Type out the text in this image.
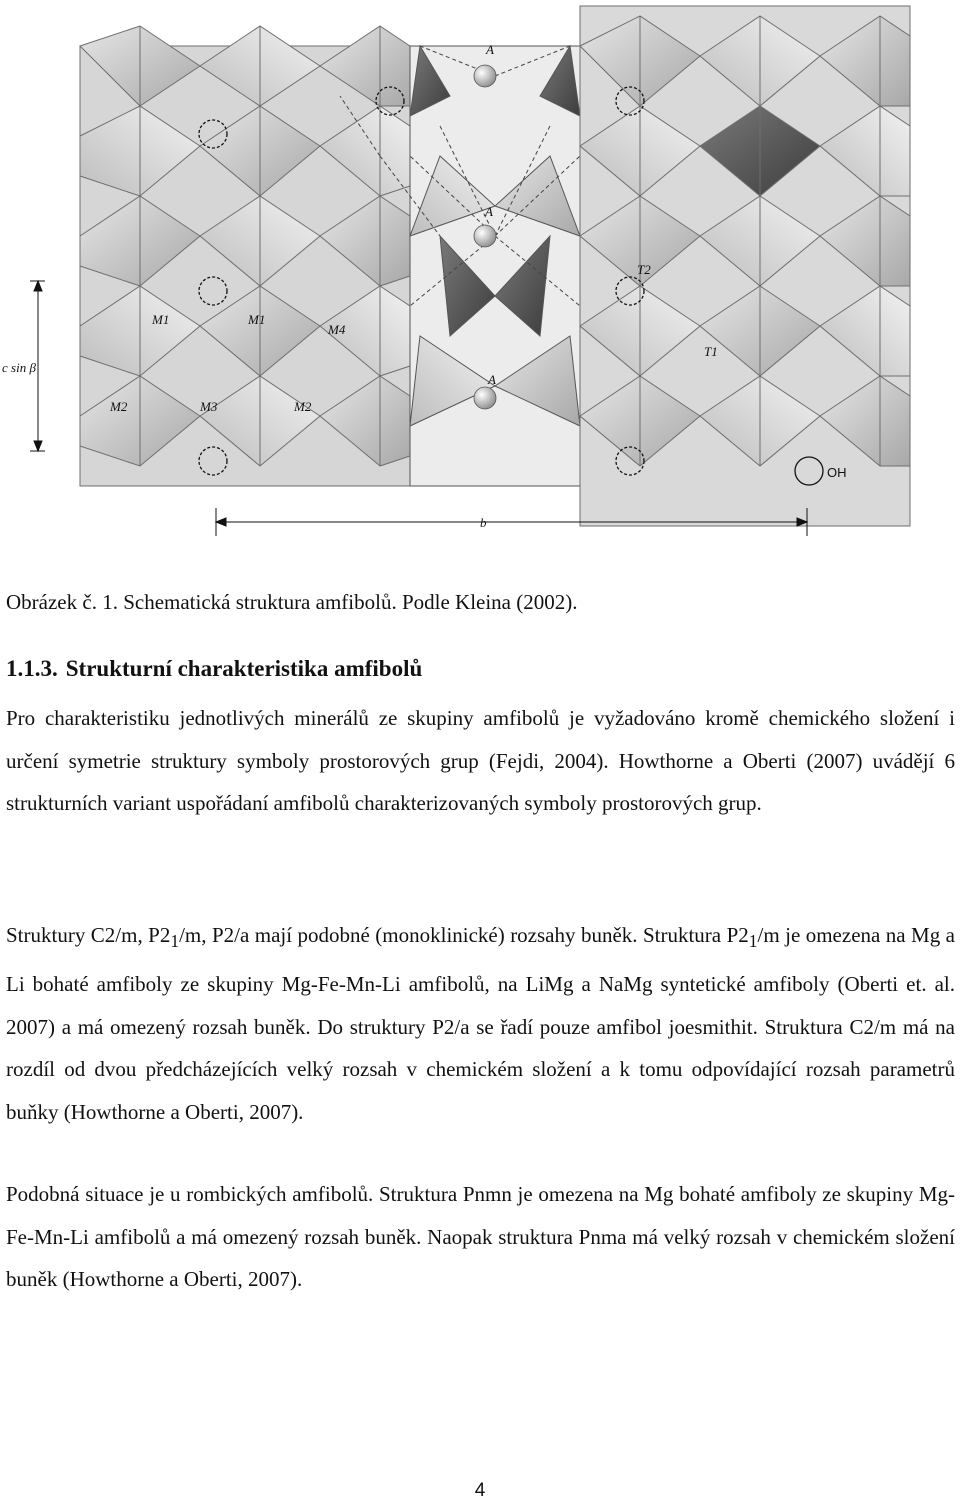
A
A
A
M1	M1
M4
M2	M3	M2
T2
T1
OH
c sin β
b
Obrázek č. 1. Schematická struktura amfibolů. Podle Kleina (2002).
1.1.3. Strukturní charakteristika amfibolů

Pro charakteristiku jednotlivých minerálů ze skupiny amfibolů je vyžadováno kromě chemického složení i určení symetrie struktury symboly prostorových grup (Fejdi, 2004). Howthorne a Oberti (2007) uvádějí 6 strukturních variant uspořádaní amfibolů charakterizovaných symboly prostorových grup.

Struktury C2/m, $P2_1/m$, P2/a mají podobné (monoklinické) rozsahy buněk. Struktura $P2_1/m$ je omezena na Mg a Li bohaté amfiboly ze skupiny Mg-Fe-Mn-Li amfibolů, na LiMg a NaMg syntetické amfiboly (Oberti et. al. 2007) a má omezený rozsah buněk. Do struktury P2/a se řadí pouze amfibol joesmithit. Struktura C2/m má na rozdíl od dvou předcházejících velký rozsah v chemickém složení a k tomu odpovídající rozsah parametrů buňky (Howthorne a Oberti, 2007).

Podobná situace je u rombických amfibolů. Struktura Pnmn je omezena na Mg bohaté amfiboly ze skupiny Mg-Fe-Mn-Li amfibolů a má omezený rozsah buněk. Naopak struktura Pnma má velký rozsah v chemickém složení buněk (Howthorne a Oberti, 2007).

4
